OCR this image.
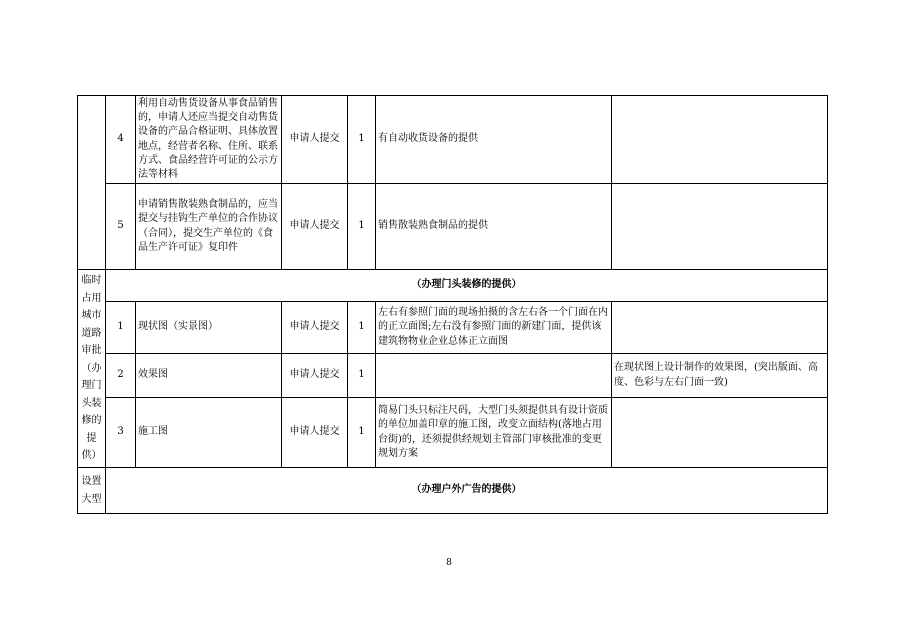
	4	利用自动售货设备从事食品销售的，申请人还应当提交自动售货设备的产品合格证明、具体放置地点，经营者名称、住所、联系方式、食品经营许可证的公示方法等材料	申请人提交	1	有自动收货设备的提供	
	5	申请销售散装熟食制品的，应当提交与挂钩生产单位的合作协议（合同），提交生产单位的《食品生产许可证》复印件	申请人提交	1	销售散装熟食制品的提供	

临时占用城市道路审批（办理门头装修的提供）	（办理门头装修的提供）					
	1	现状图（实景图）	申请人提交	1	左右有参照门面的现场拍摄的含左右各一个门面在内的正立面图;左右没有参照门面的新建门面，提供该建筑物物业企业总体正立面图	
	2	效果图	申请人提交	1		在现状图上设计制作的效果图，(突出版面、高度、色彩与左右门面一致)
	3	施工图	申请人提交	1	简易门头只标注尺码，大型门头须提供具有设计资质的单位加盖印章的施工图，改变立面结构(落地占用台街)的，还须提供经规划主管部门审核批准的变更规划方案	

设置大型	（办理户外广告的提供）					
8
